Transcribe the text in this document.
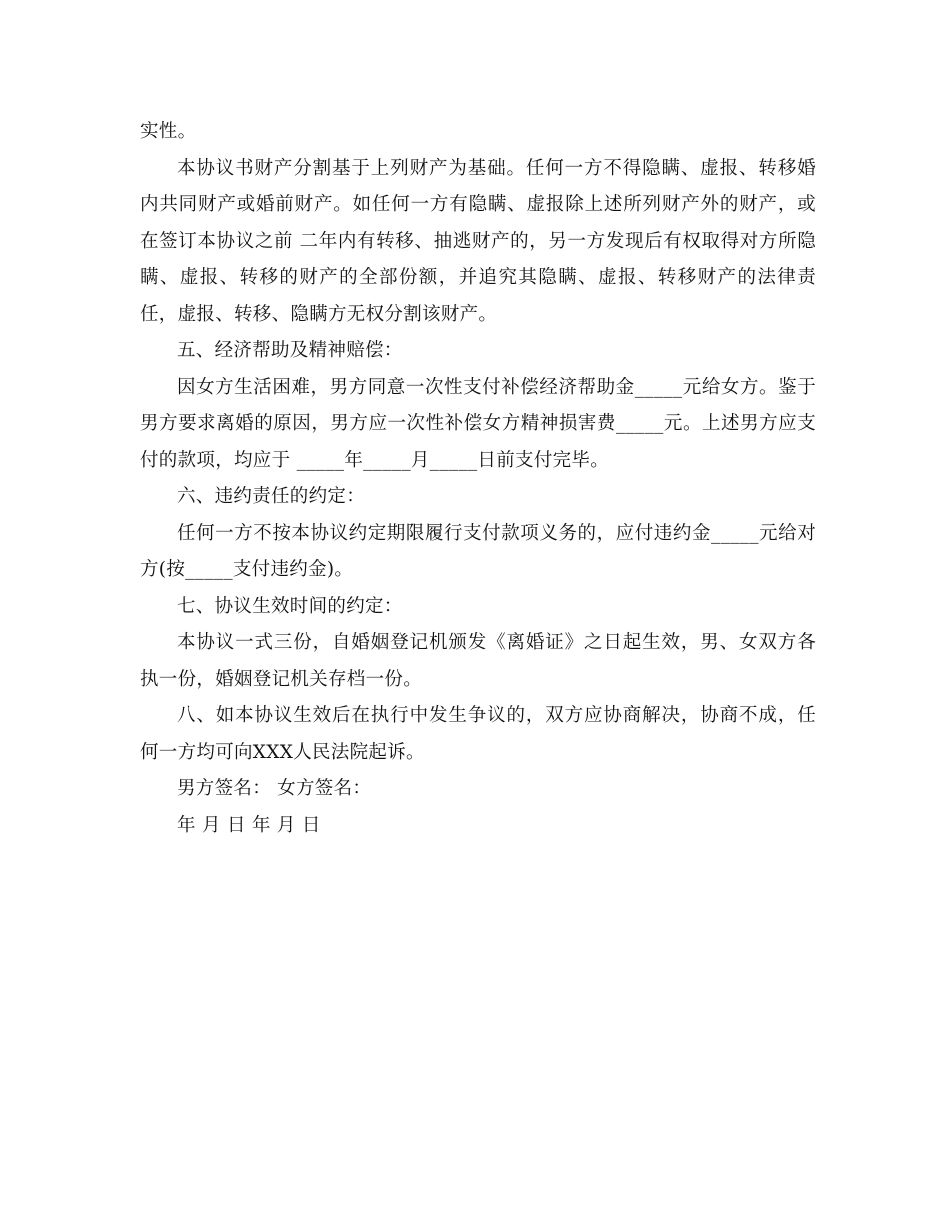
实性。

本协议书财产分割基于上列财产为基础。任何一方不得隐瞒、虚报、转移婚内共同财产或婚前财产。如任何一方有隐瞒、虚报除上述所列财产外的财产，或在签订本协议之前 二年内有转移、抽逃财产的，另一方发现后有权取得对方所隐瞒、虚报、转移的财产的全部份额，并追究其隐瞒、虚报、转移财产的法律责任，虚报、转移、隐瞒方无权分割该财产。

五、经济帮助及精神赔偿：

因女方生活困难，男方同意一次性支付补偿经济帮助金_____元给女方。鉴于男方要求离婚的原因，男方应一次性补偿女方精神损害费_____元。上述男方应支付的款项，均应于 _____年_____月_____日前支付完毕。

六、违约责任的约定：

任何一方不按本协议约定期限履行支付款项义务的，应付违约金_____元给对方(按_____支付违约金)。

七、协议生效时间的约定：

本协议一式三份，自婚姻登记机颁发《离婚证》之日起生效，男、女双方各执一份，婚姻登记机关存档一份。

八、如本协议生效后在执行中发生争议的，双方应协商解决，协商不成，任何一方均可向XXX人民法院起诉。

男方签名： 女方签名：

年 月 日 年 月 日
